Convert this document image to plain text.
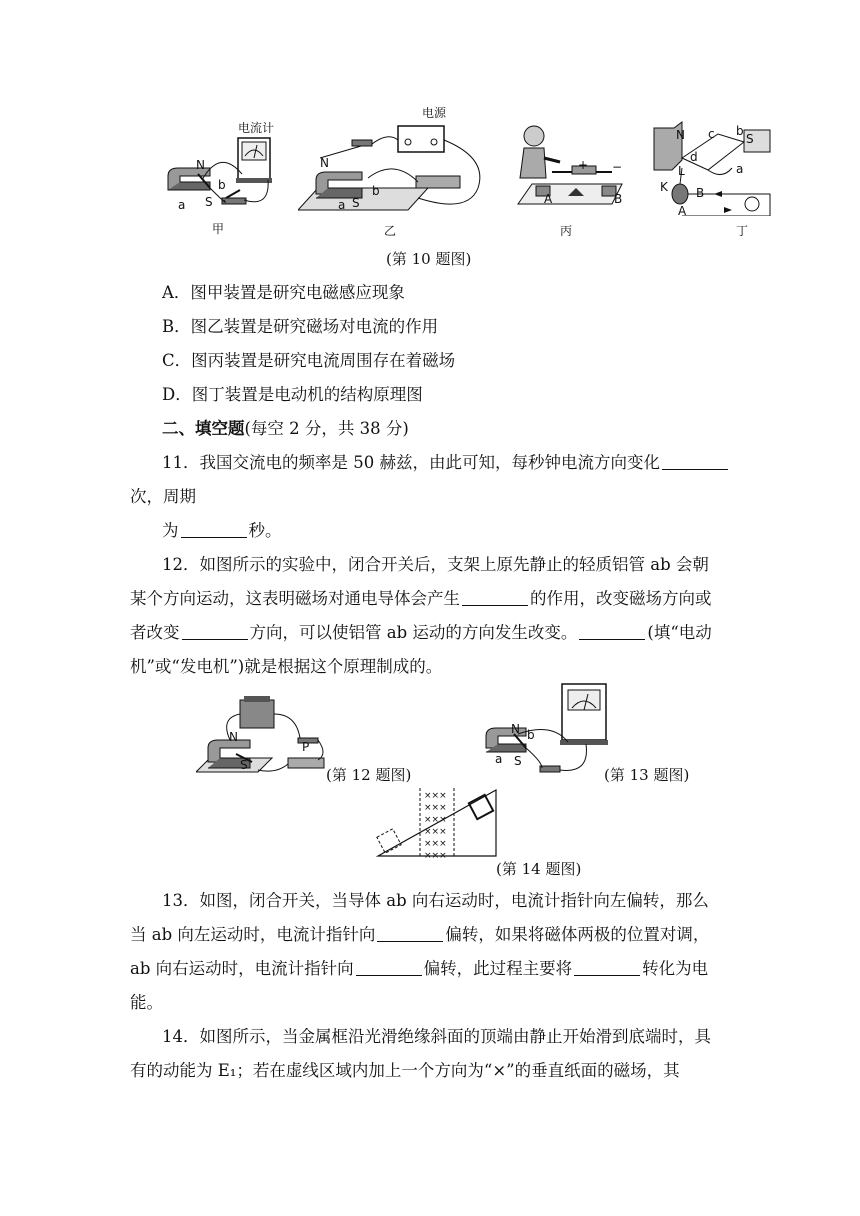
电流计
N
S
a
b
甲
电源
N
S
a
b
乙
+ −
A	B
丙
N	S
c b
d
a
L
K B
A
丁
(第 10 题图)
A．图甲装置是研究电磁感应现象
B．图乙装置是研究磁场对电流的作用
C．图丙装置是研究电流周围存在着磁场
D．图丁装置是电动机的结构原理图
二、填空题(每空 2 分，共 38 分)
11．我国交流电的频率是 50 赫兹，由此可知，每秒钟电流方向变化
次，周期
为	秒。
12．如图所示的实验中，闭合开关后，支架上原先静止的轻质铝管 ab 会朝
某个方向运动，这表明磁场对通电导体会产生	的作用，改变磁场方向或
者改变	方向，可以使铝管 ab 运动的方向发生改变。	(填“电动
机”或“发电机”)就是根据这个原理制成的。
N
S
P
(第 12 题图)
N
S
a
b
(第 13 题图)
×××
×××
×××
×××
×××
×××
(第 14 题图)
13．如图，闭合开关，当导体 ab 向右运动时，电流计指针向左偏转，那么
当 ab 向左运动时，电流计指针向	偏转，如果将磁体两极的位置对调，
ab 向右运动时，电流计指针向	偏转，此过程主要将	转化为电
能。
14．如图所示，当金属框沿光滑绝缘斜面的顶端由静止开始滑到底端时，具
有的动能为 E₁；若在虚线区域内加上一个方向为“×”的垂直纸面的磁场，其
